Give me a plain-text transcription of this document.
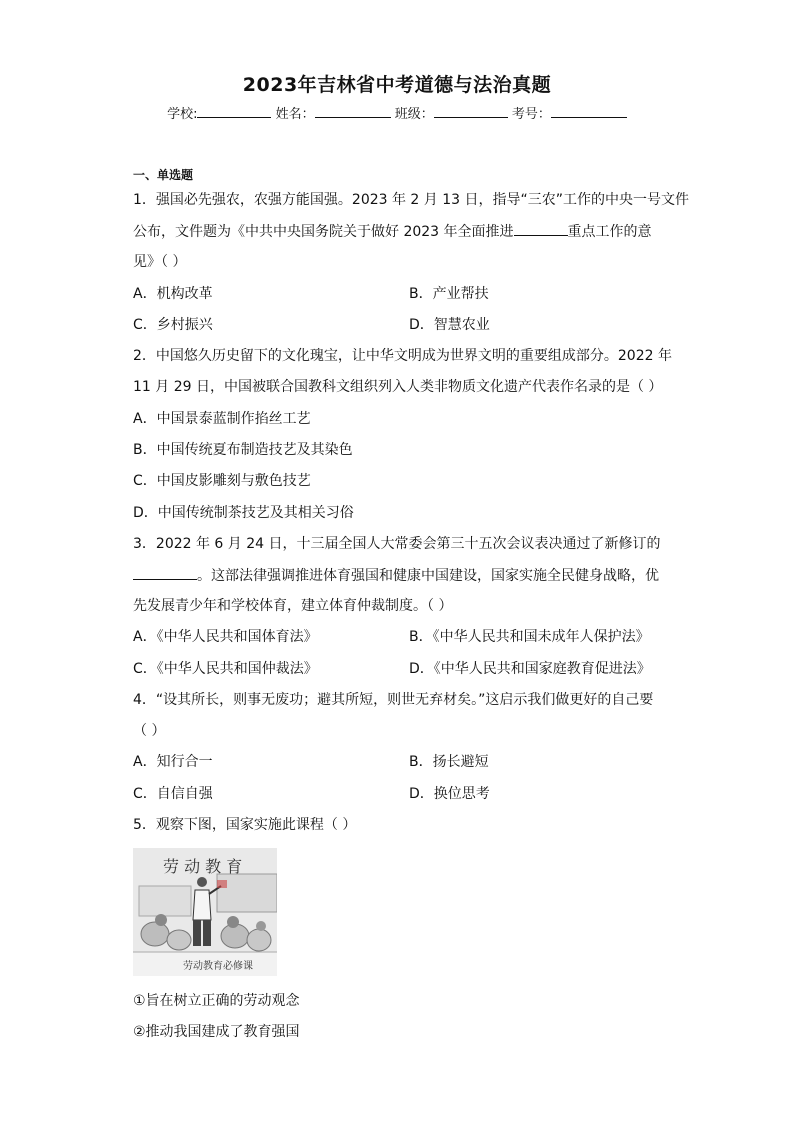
2023年吉林省中考道德与法治真题
学校:	姓名：	班级：	考号：
一、单选题
1．强国必先强农，农强方能国强。2023 年 2 月 13 日，指导“三农”工作的中央一号文件
公布，文件题为《中共中央国务院关于做好 2023 年全面推进	重点工作的意
见》（ ）
A．机构改革	B．产业帮扶
C．乡村振兴	D．智慧农业
2．中国悠久历史留下的文化瑰宝，让中华文明成为世界文明的重要组成部分。2022 年
11 月 29 日，中国被联合国教科文组织列入人类非物质文化遗产代表作名录的是（ ）
A．中国景泰蓝制作掐丝工艺
B．中国传统夏布制造技艺及其染色
C．中国皮影雕刻与敷色技艺
D．中国传统制茶技艺及其相关习俗
3．2022 年 6 月 24 日，十三届全国人大常委会第三十五次会议表决通过了新修订的
。这部法律强调推进体育强国和健康中国建设，国家实施全民健身战略，优
先发展青少年和学校体育，建立体育仲裁制度。（ ）
A．《中华人民共和国体育法》	B．《中华人民共和国未成年人保护法》
C．《中华人民共和国仲裁法》	D．《中华人民共和国家庭教育促进法》
4．“设其所长，则事无废功；避其所短，则世无弃材矣。”这启示我们做更好的自己要
（ ）
A．知行合一	B．扬长避短
C．自信自强	D．换位思考
5．观察下图，国家实施此课程（ ）
劳 动 教 育
劳动教育必修课
①旨在树立正确的劳动观念
②推动我国建成了教育强国
